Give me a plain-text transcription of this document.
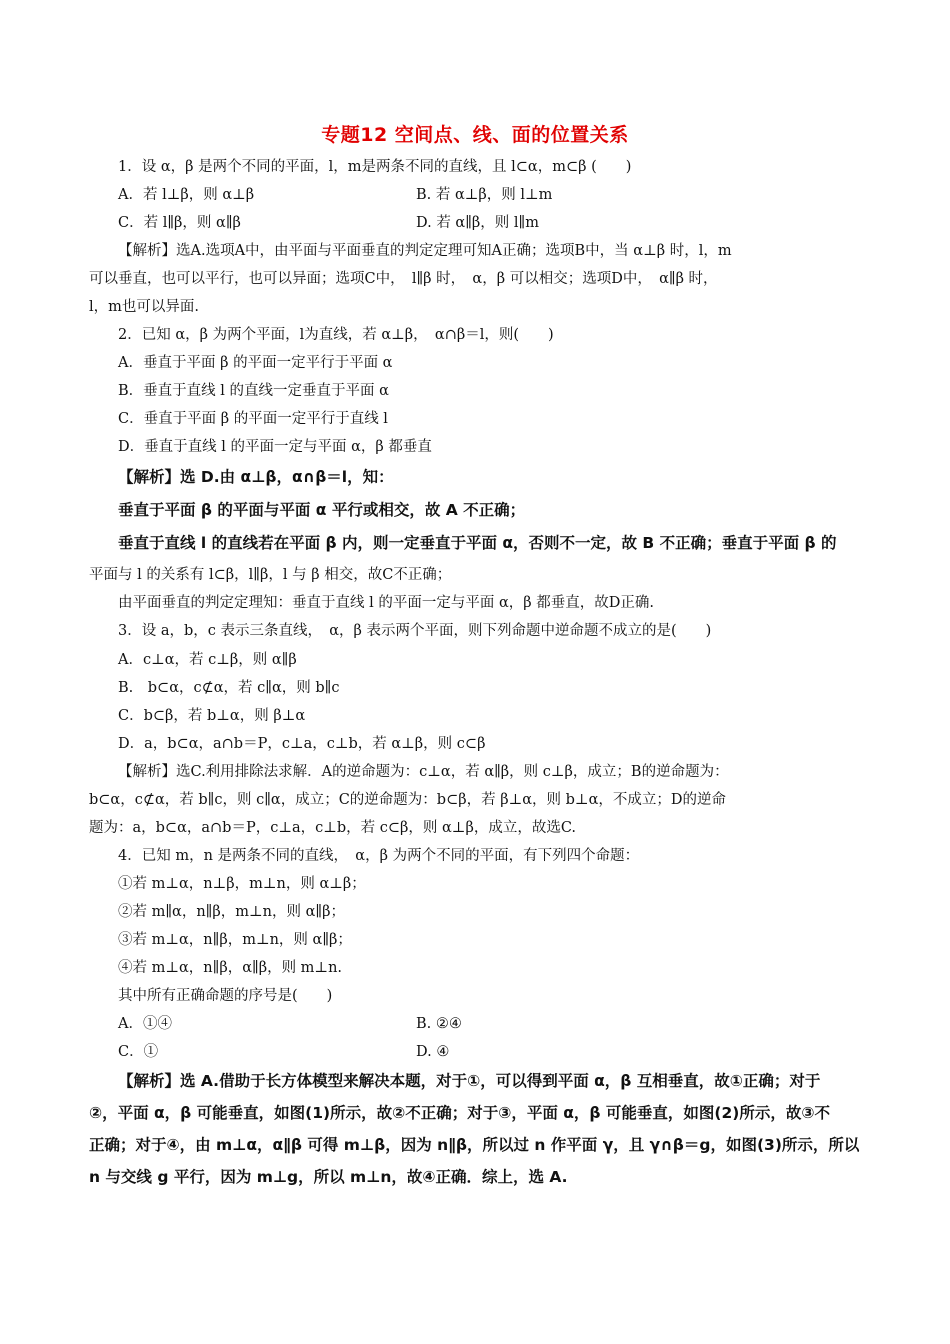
专题12 空间点、线、面的位置关系
1．设 α，β 是两个不同的平面，l，m是两条不同的直线，且 l⊂α，m⊂β (　　)
A．若 l⊥β，则 α⊥β	B. 若 α⊥β，则 l⊥m
C．若 l∥β，则 α∥β	D. 若 α∥β，则 l∥m
【解析】选A.选项A中，由平面与平面垂直的判定定理可知A正确；选项B中，当 α⊥β 时，l，m
可以垂直，也可以平行，也可以异面；选项C中，　l∥β 时，　α，β 可以相交；选项D中，　α∥β 时，
l，m也可以异面.
2．已知 α，β 为两个平面，l为直线，若 α⊥β，　α∩β＝l，则(　　)
A．垂直于平面 β 的平面一定平行于平面 α
B．垂直于直线 l 的直线一定垂直于平面 α
C．垂直于平面 β 的平面一定平行于直线 l
D．垂直于直线 l 的平面一定与平面 α，β 都垂直
【解析】选 D.由 α⊥β，α∩β＝l，知：
垂直于平面 β 的平面与平面 α 平行或相交，故 A 不正确；
垂直于直线 l 的直线若在平面 β 内，则一定垂直于平面 α，否则不一定，故 B 不正确；垂直于平面 β 的
平面与 l 的关系有 l⊂β，l∥β，l 与 β 相交，故C不正确；
由平面垂直的判定定理知：垂直于直线 l 的平面一定与平面 α，β 都垂直，故D正确.
3．设 a，b，c 表示三条直线，　α，β 表示两个平面，则下列命题中逆命题不成立的是(　　)
A．c⊥α，若 c⊥β，则 α∥β
B.　b⊂α，c⊄α，若 c∥α，则 b∥c
C．b⊂β，若 b⊥α，则 β⊥α
D．a，b⊂α，a∩b＝P，c⊥a，c⊥b，若 α⊥β，则 c⊂β
【解析】选C.利用排除法求解．A的逆命题为：c⊥α，若 α∥β，则 c⊥β，成立；B的逆命题为：
b⊂α，c⊄α，若 b∥c，则 c∥α，成立；C的逆命题为：b⊂β，若 β⊥α，则 b⊥α，不成立；D的逆命
题为：a，b⊂α，a∩b＝P，c⊥a，c⊥b，若 c⊂β，则 α⊥β，成立，故选C.
4．已知 m，n 是两条不同的直线，　α，β 为两个不同的平面，有下列四个命题：
①若 m⊥α，n⊥β，m⊥n，则 α⊥β；
②若 m∥α，n∥β，m⊥n，则 α∥β；
③若 m⊥α，n∥β，m⊥n，则 α∥β；
④若 m⊥α，n∥β，α∥β，则 m⊥n.
其中所有正确命题的序号是(　　)
A．①④	B. ②④
C．①	D. ④
【解析】选 A.借助于长方体模型来解决本题，对于①，可以得到平面 α，β 互相垂直，故①正确；对于
②，平面 α，β 可能垂直，如图(1)所示，故②不正确；对于③，平面 α，β 可能垂直，如图(2)所示，故③不
正确；对于④，由 m⊥α，α∥β 可得 m⊥β，因为 n∥β，所以过 n 作平面 γ，且 γ∩β＝g，如图(3)所示，所以
n 与交线 g 平行，因为 m⊥g，所以 m⊥n，故④正确．综上，选 A.
